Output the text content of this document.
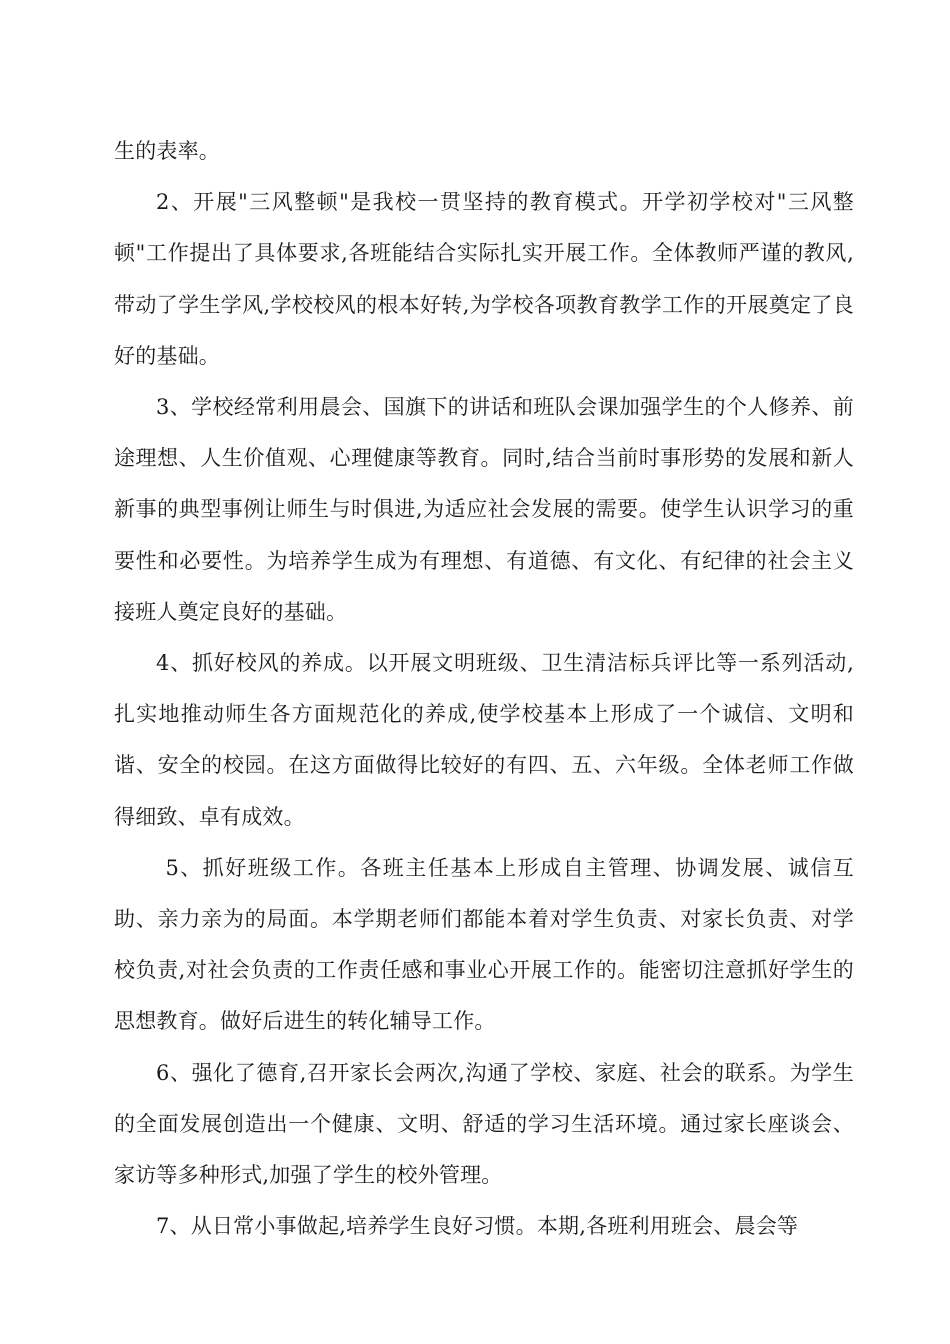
生的表率。

2、开展"三风整顿"是我校一贯坚持的教育模式。开学初学校对"三风整顿"工作提出了具体要求,各班能结合实际扎实开展工作。全体教师严谨的教风,带动了学生学风,学校校风的根本好转,为学校各项教育教学工作的开展奠定了良好的基础。

3、学校经常利用晨会、国旗下的讲话和班队会课加强学生的个人修养、前途理想、人生价值观、心理健康等教育。同时,结合当前时事形势的发展和新人新事的典型事例让师生与时俱进,为适应社会发展的需要。使学生认识学习的重要性和必要性。为培养学生成为有理想、有道德、有文化、有纪律的社会主义接班人奠定良好的基础。

4、抓好校风的养成。以开展文明班级、卫生清洁标兵评比等一系列活动,扎实地推动师生各方面规范化的养成,使学校基本上形成了一个诚信、文明和谐、安全的校园。在这方面做得比较好的有四、五、六年级。全体老师工作做得细致、卓有成效。

5、抓好班级工作。各班主任基本上形成自主管理、协调发展、诚信互助、亲力亲为的局面。本学期老师们都能本着对学生负责、对家长负责、对学校负责,对社会负责的工作责任感和事业心开展工作的。能密切注意抓好学生的思想教育。做好后进生的转化辅导工作。

6、强化了德育,召开家长会两次,沟通了学校、家庭、社会的联系。为学生的全面发展创造出一个健康、文明、舒适的学习生活环境。通过家长座谈会、家访等多种形式,加强了学生的校外管理。

7、从日常小事做起,培养学生良好习惯。本期,各班利用班会、晨会等
